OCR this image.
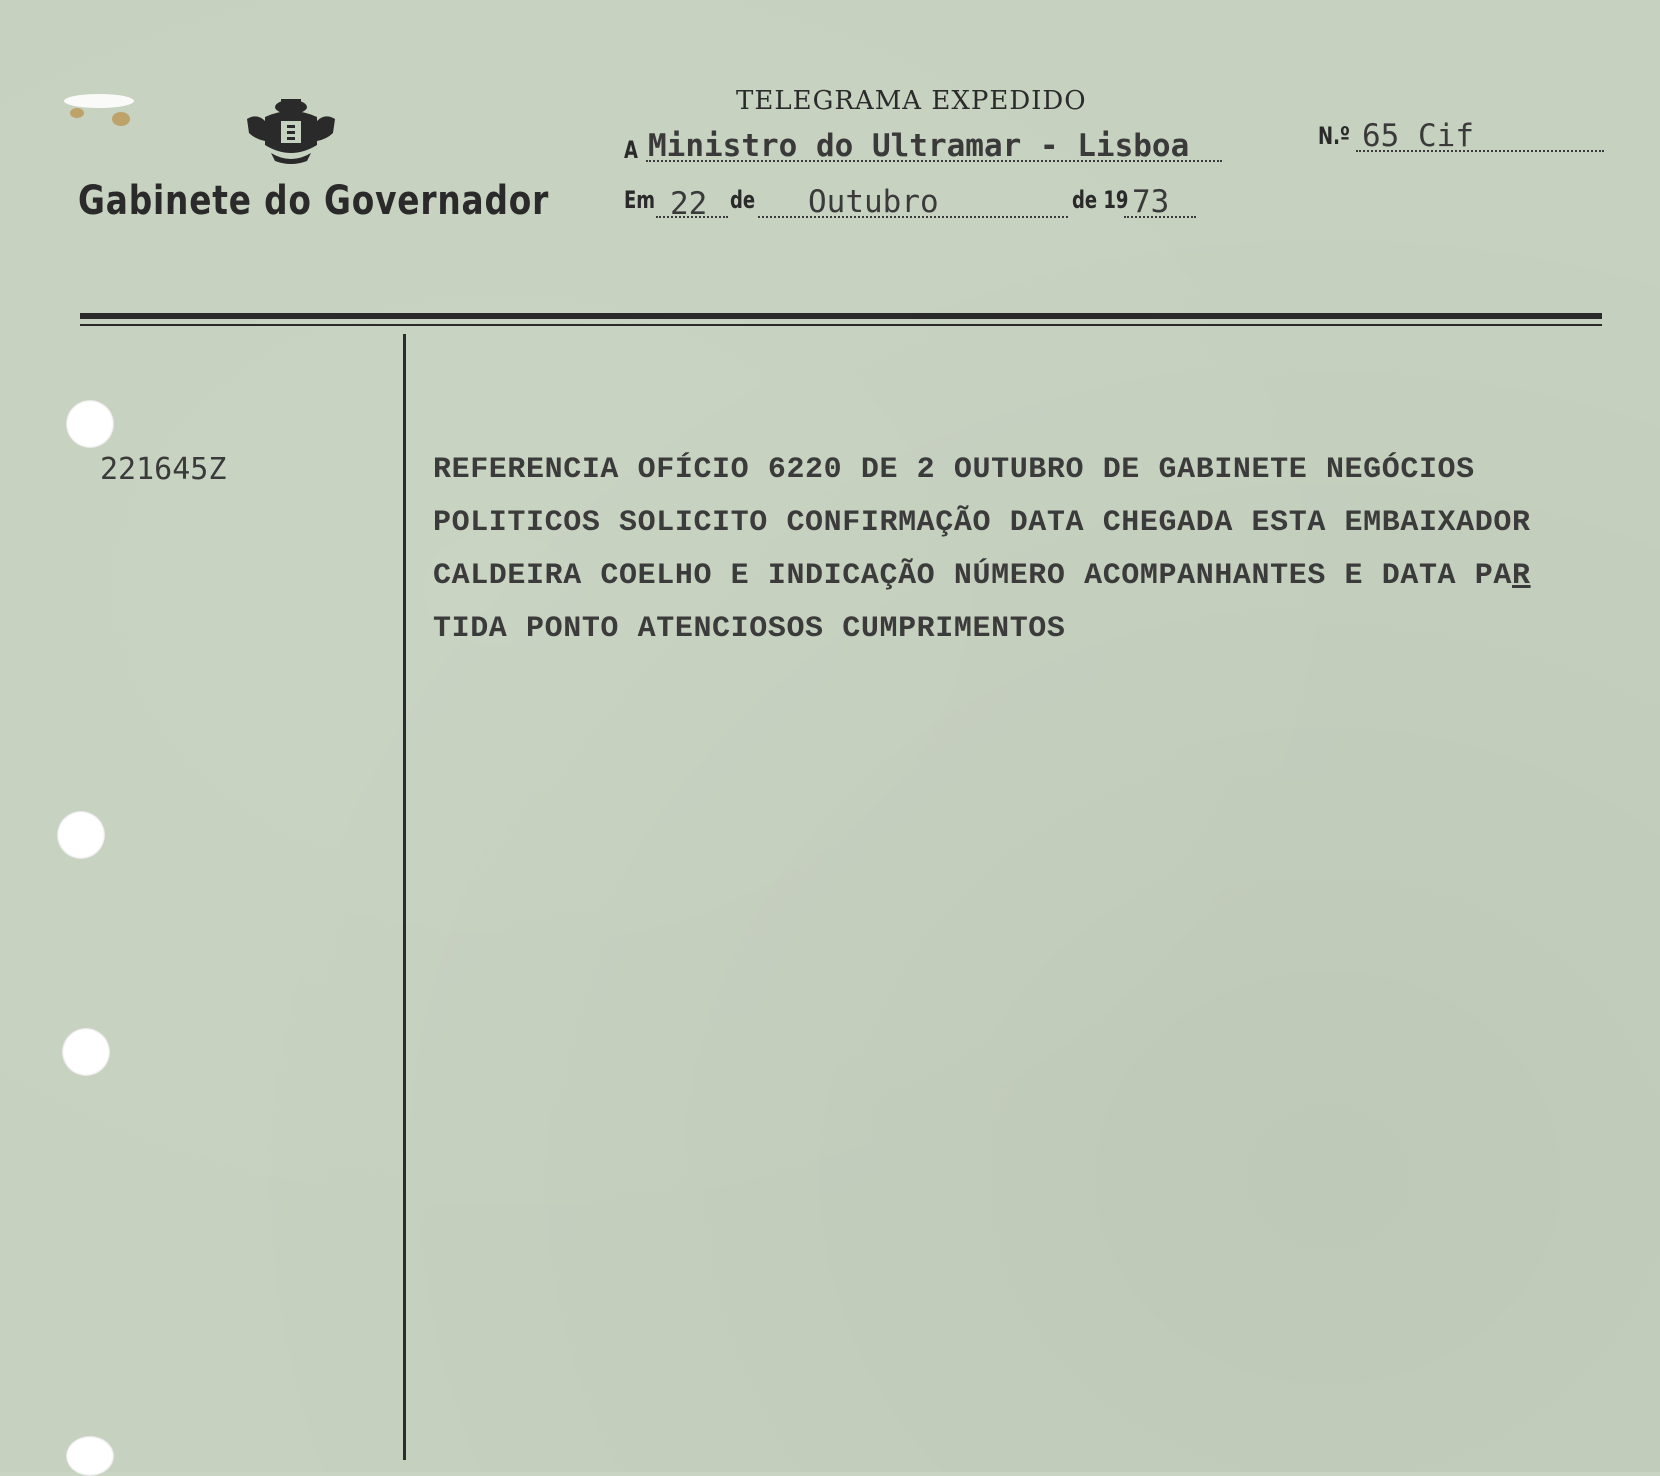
Gabinete do Governador
TELEGRAMA EXPEDIDO
A Ministro do Ultramar - Lisboa	N.º 65 Cif
Em 22 de Outubro	de 19 73
221645Z	REFERENCIA OFÍCIO 6220 DE 2 OUTUBRO DE GABINETE NEGÓCIOS
POLITICOS SOLICITO CONFIRMAÇÃO DATA CHEGADA ESTA EMBAIXADOR
CALDEIRA COELHO E INDICAÇÃO NÚMERO ACOMPANHANTES E DATA PAR
TIDA PONTO ATENCIOSOS CUMPRIMENTOS
